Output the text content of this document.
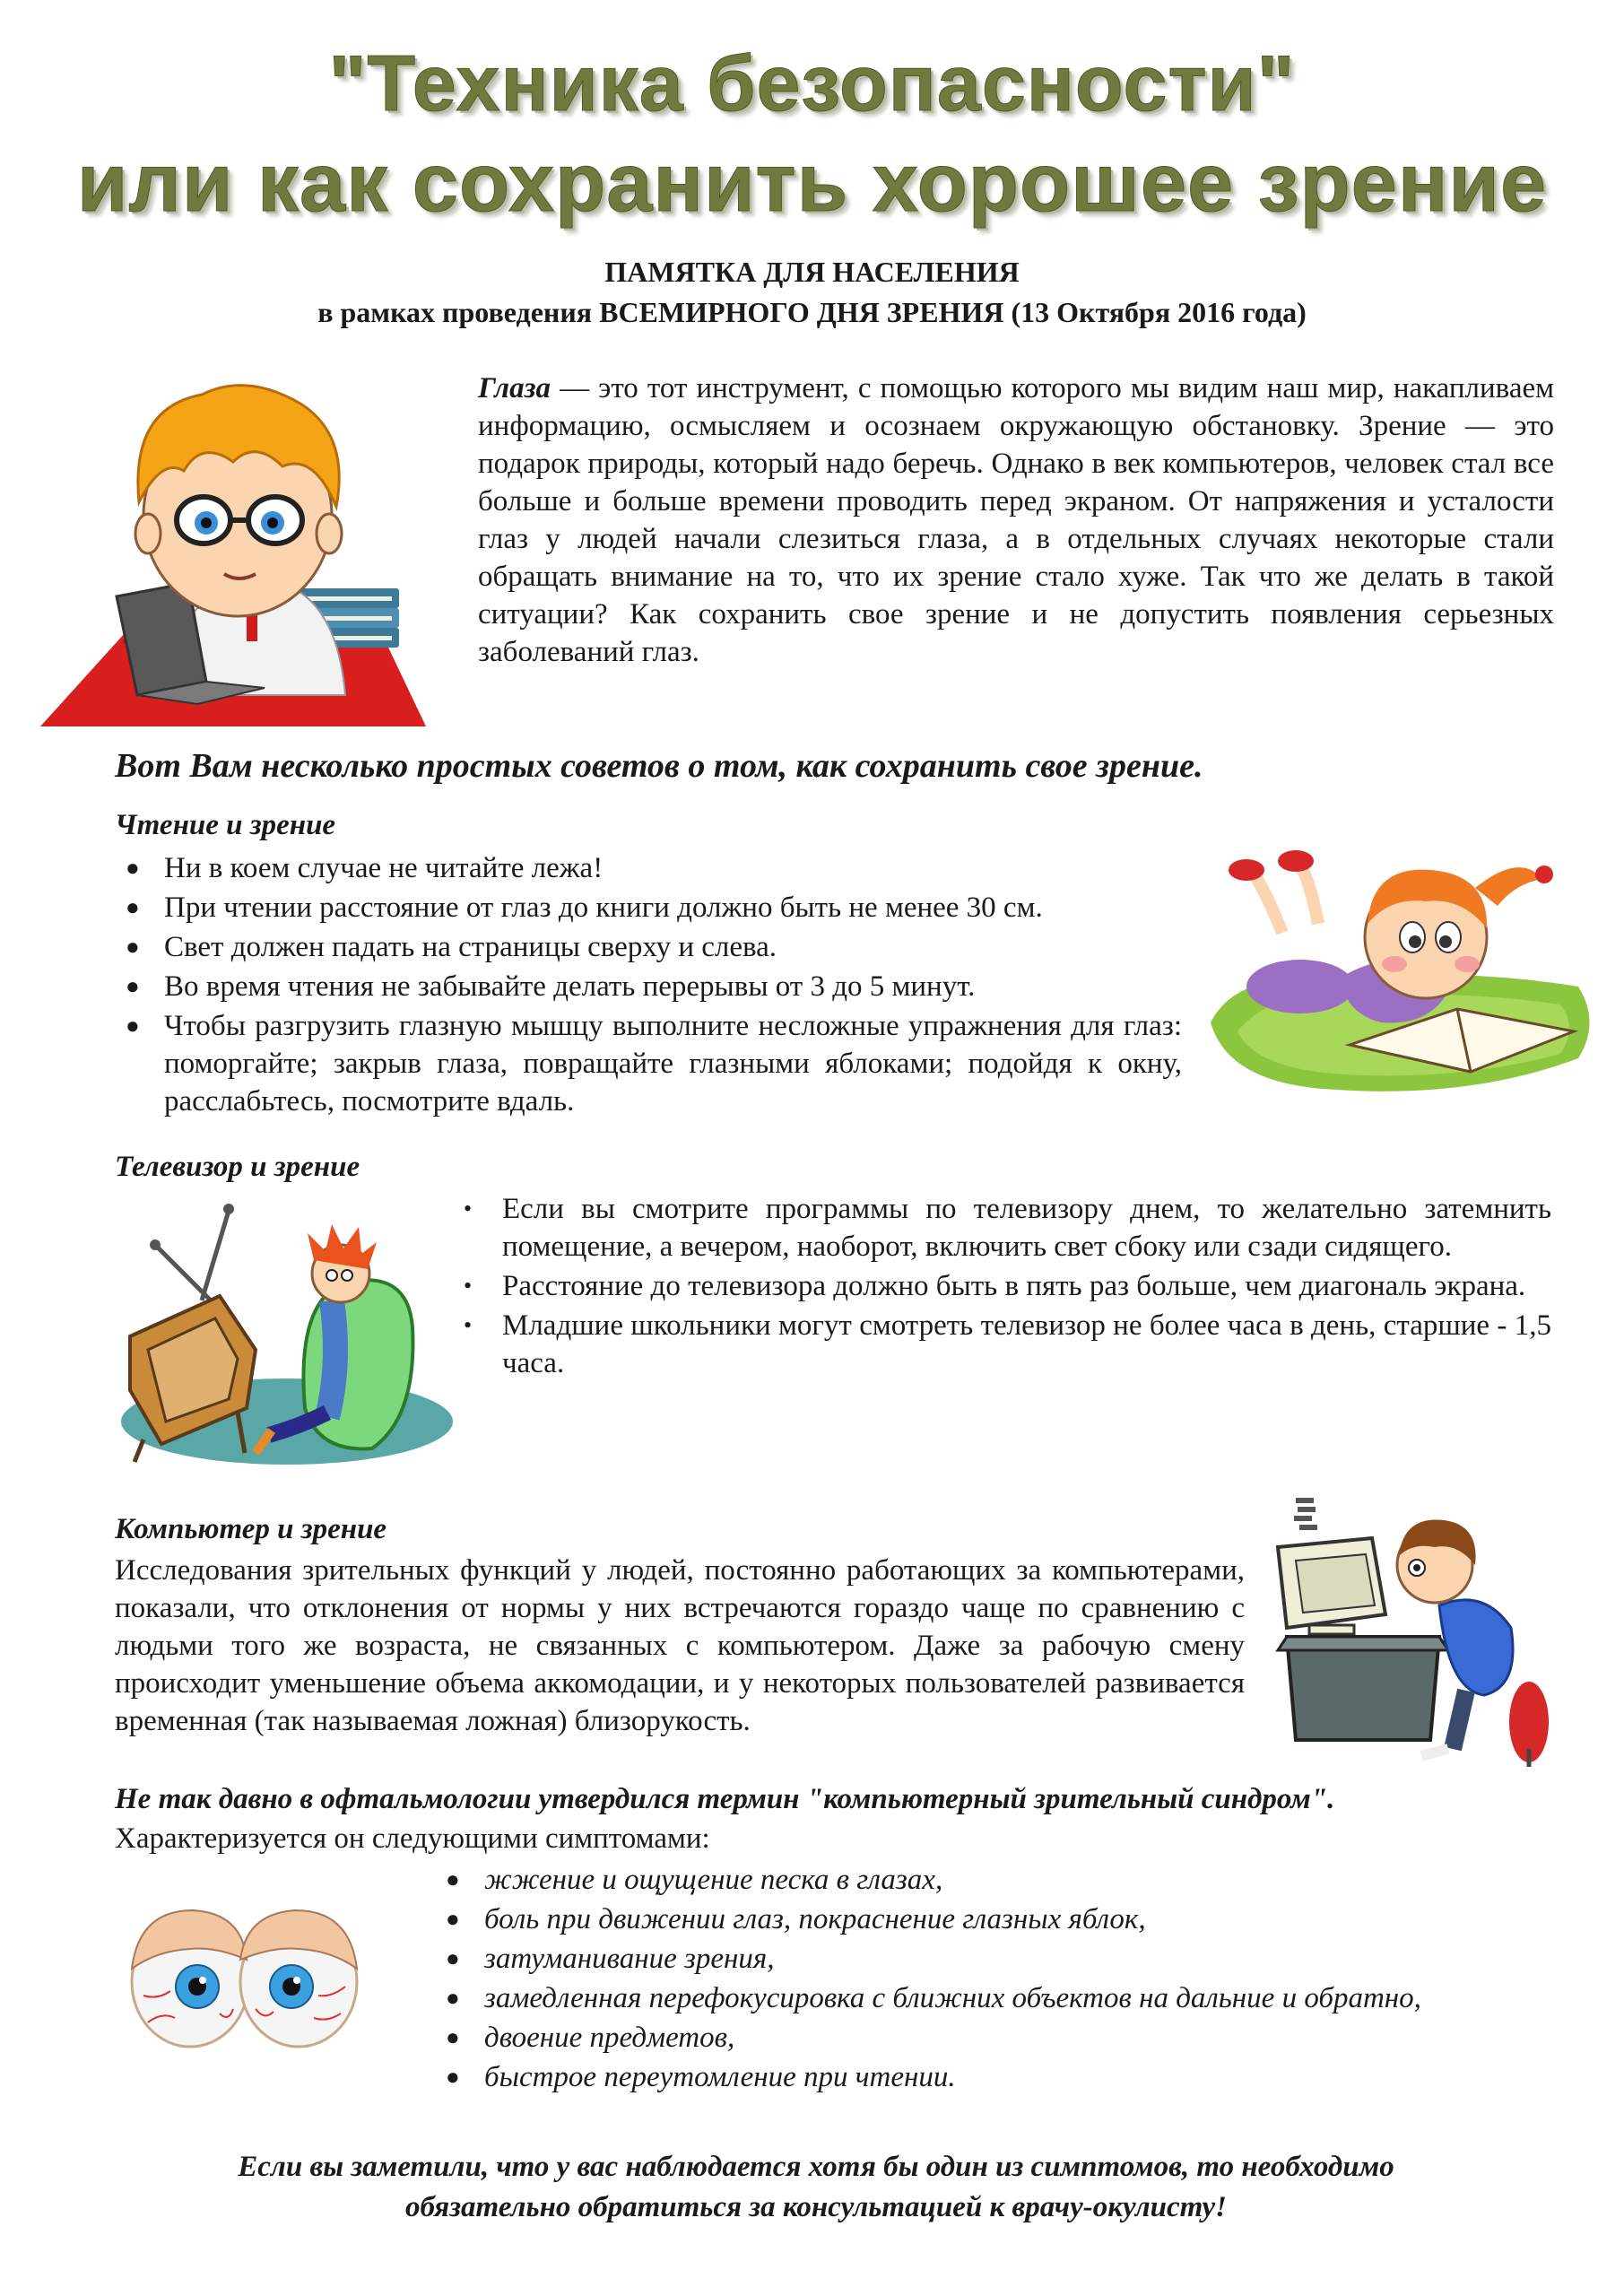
"Техника безопасности"
или как сохранить хорошее зрение
ПАМЯТКА ДЛЯ НАСЕЛЕНИЯ
в рамках проведения ВСЕМИРНОГО ДНЯ ЗРЕНИЯ (13 Октября 2016 года)
Глаза — это тот инструмент, с помощью которого мы видим наш мир, накапливаем информацию, осмысляем и осознаем окружающую обстановку. Зрение — это подарок природы, который надо беречь. Однако в век компьютеров, человек стал все больше и больше времени проводить перед экраном. От напряжения и усталости глаз у людей начали слезиться глаза, а в отдельных случаях некоторые стали обращать внимание на то, что их зрение стало хуже. Так что же делать в такой ситуации? Как сохранить свое зрение и не допустить появления серьезных заболеваний глаз.
Вот Вам несколько простых советов о том, как сохранить свое зрение.
Чтение и зрение
● Ни в коем случае не читайте лежа!
● При чтении расстояние от глаз до книги должно быть не менее 30 см.
● Свет должен падать на страницы сверху и слева.
● Во время чтения не забывайте делать перерывы от 3 до 5 минут.
● Чтобы разгрузить глазную мышцу выполните несложные упражнения для глаз: поморгайте; закрыв глаза, повращайте глазными яблоками; подойдя к окну, расслабьтесь, посмотрите вдаль.
Телевизор и зрение
• Если вы смотрите программы по телевизору днем, то желательно затемнить помещение, а вечером, наоборот, включить свет сбоку или сзади сидящего.
• Расстояние до телевизора должно быть в пять раз больше, чем диагональ экрана.
• Младшие школьники могут смотреть телевизор не более часа в день, старшие - 1,5 часа.
Компьютер и зрение
Исследования зрительных функций у людей, постоянно работающих за компьютерами, показали, что отклонения от нормы у них встречаются гораздо чаще по сравнению с людьми того же возраста, не связанных с компьютером. Даже за рабочую смену происходит уменьшение объема аккомодации, и у некоторых пользователей развивается временная (так называемая ложная) близорукость.
Не так давно в офтальмологии утвердился термин "компьютерный зрительный синдром".
Характеризуется он следующими симптомами:
● жжение и ощущение песка в глазах,
● боль при движении глаз, покраснение глазных яблок,
● затуманивание зрения,
● замедленная перефокусировка с ближних объектов на дальние и обратно,
● двоение предметов,
● быстрое переутомление при чтении.
Если вы заметили, что у вас наблюдается хотя бы один из симптомов, то необходимо
обязательно обратиться за консультацией к врачу-окулисту!
